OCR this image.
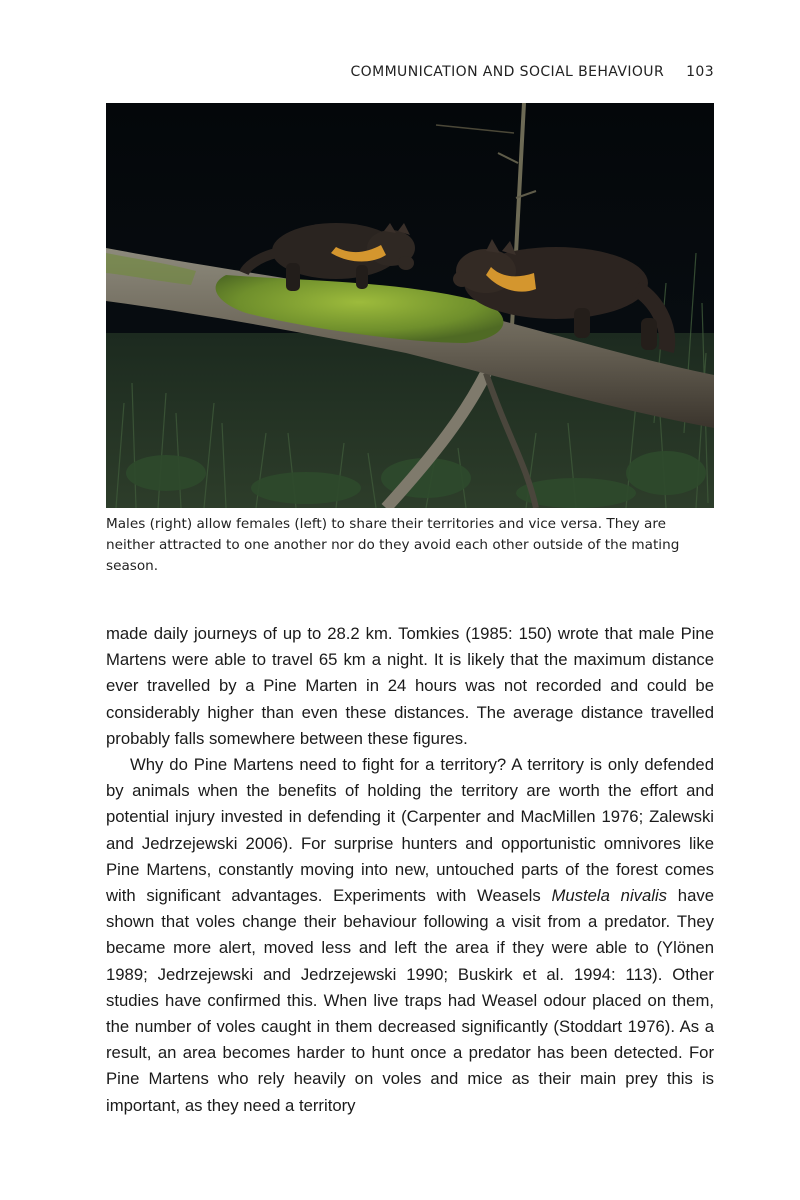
COMMUNICATION AND SOCIAL BEHAVIOUR 103

Males (right) allow females (left) to share their territories and vice versa. They are neither attracted to one another nor do they avoid each other outside of the mating season.

made daily journeys of up to 28.2 km. Tomkies (1985: 150) wrote that male Pine Martens were able to travel 65 km a night. It is likely that the maximum distance ever travelled by a Pine Marten in 24 hours was not recorded and could be considerably higher than even these distances. The average distance travelled probably falls somewhere between these figures.

Why do Pine Martens need to fight for a territory? A territory is only defended by animals when the benefits of holding the territory are worth the effort and potential injury invested in defending it (Carpenter and MacMillen 1976; Zalewski and Jedrzejewski 2006). For surprise hunters and opportunistic omnivores like Pine Martens, constantly moving into new, untouched parts of the forest comes with significant advantages. Experiments with Weasels Mustela nivalis have shown that voles change their behaviour following a visit from a predator. They became more alert, moved less and left the area if they were able to (Ylönen 1989; Jedrzejewski and Jedrzejewski 1990; Buskirk et al. 1994: 113). Other studies have confirmed this. When live traps had Weasel odour placed on them, the number of voles caught in them decreased significantly (Stoddart 1976). As a result, an area becomes harder to hunt once a predator has been detected. For Pine Martens who rely heavily on voles and mice as their main prey this is important, as they need a territory
